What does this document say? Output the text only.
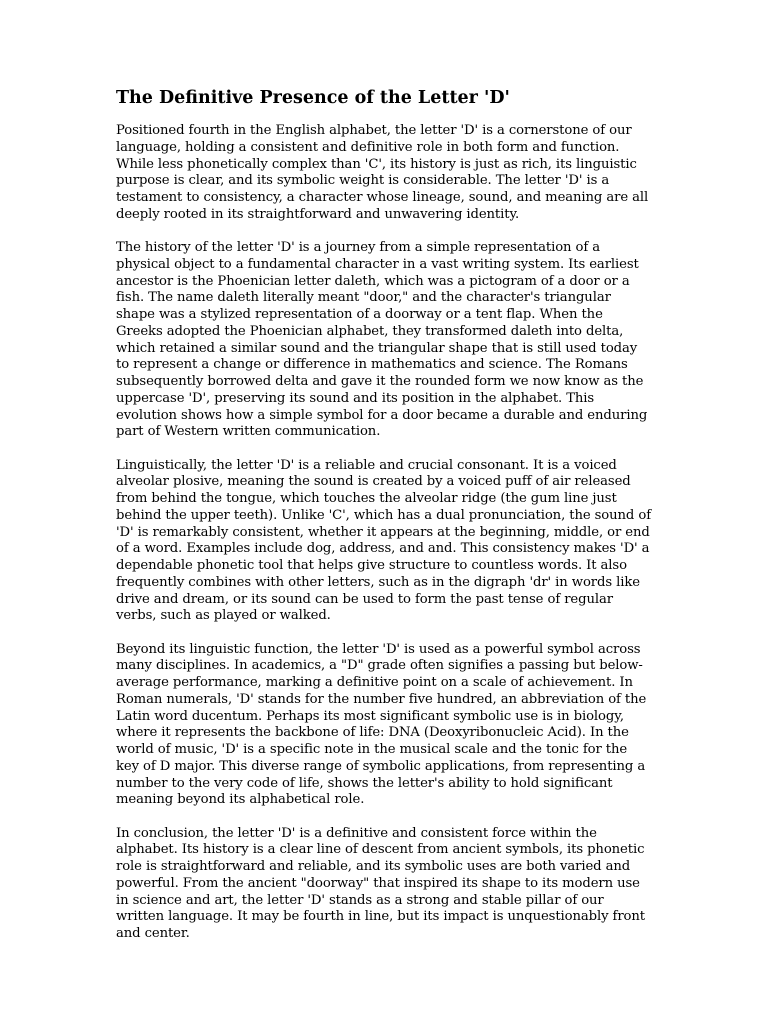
The Definitive Presence of the Letter 'D'

Positioned fourth in the English alphabet, the letter 'D' is a cornerstone of our language, holding a consistent and definitive role in both form and function. While less phonetically complex than 'C', its history is just as rich, its linguistic purpose is clear, and its symbolic weight is considerable. The letter 'D' is a testament to consistency, a character whose lineage, sound, and meaning are all deeply rooted in its straightforward and unwavering identity.

The history of the letter 'D' is a journey from a simple representation of a physical object to a fundamental character in a vast writing system. Its earliest ancestor is the Phoenician letter daleth, which was a pictogram of a door or a fish. The name daleth literally meant "door," and the character's triangular shape was a stylized representation of a doorway or a tent flap. When the Greeks adopted the Phoenician alphabet, they transformed daleth into delta, which retained a similar sound and the triangular shape that is still used today to represent a change or difference in mathematics and science. The Romans subsequently borrowed delta and gave it the rounded form we now know as the uppercase 'D', preserving its sound and its position in the alphabet. This evolution shows how a simple symbol for a door became a durable and enduring part of Western written communication.

Linguistically, the letter 'D' is a reliable and crucial consonant. It is a voiced alveolar plosive, meaning the sound is created by a voiced puff of air released from behind the tongue, which touches the alveolar ridge (the gum line just behind the upper teeth). Unlike 'C', which has a dual pronunciation, the sound of 'D' is remarkably consistent, whether it appears at the beginning, middle, or end of a word. Examples include dog, address, and and. This consistency makes 'D' a dependable phonetic tool that helps give structure to countless words. It also frequently combines with other letters, such as in the digraph 'dr' in words like drive and dream, or its sound can be used to form the past tense of regular verbs, such as played or walked.

Beyond its linguistic function, the letter 'D' is used as a powerful symbol across many disciplines. In academics, a "D" grade often signifies a passing but below-average performance, marking a definitive point on a scale of achievement. In Roman numerals, 'D' stands for the number five hundred, an abbreviation of the Latin word ducentum. Perhaps its most significant symbolic use is in biology, where it represents the backbone of life: DNA (Deoxyribonucleic Acid). In the world of music, 'D' is a specific note in the musical scale and the tonic for the key of D major. This diverse range of symbolic applications, from representing a number to the very code of life, shows the letter's ability to hold significant meaning beyond its alphabetical role.

In conclusion, the letter 'D' is a definitive and consistent force within the alphabet. Its history is a clear line of descent from ancient symbols, its phonetic role is straightforward and reliable, and its symbolic uses are both varied and powerful. From the ancient "doorway" that inspired its shape to its modern use in science and art, the letter 'D' stands as a strong and stable pillar of our written language. It may be fourth in line, but its impact is unquestionably front and center.
